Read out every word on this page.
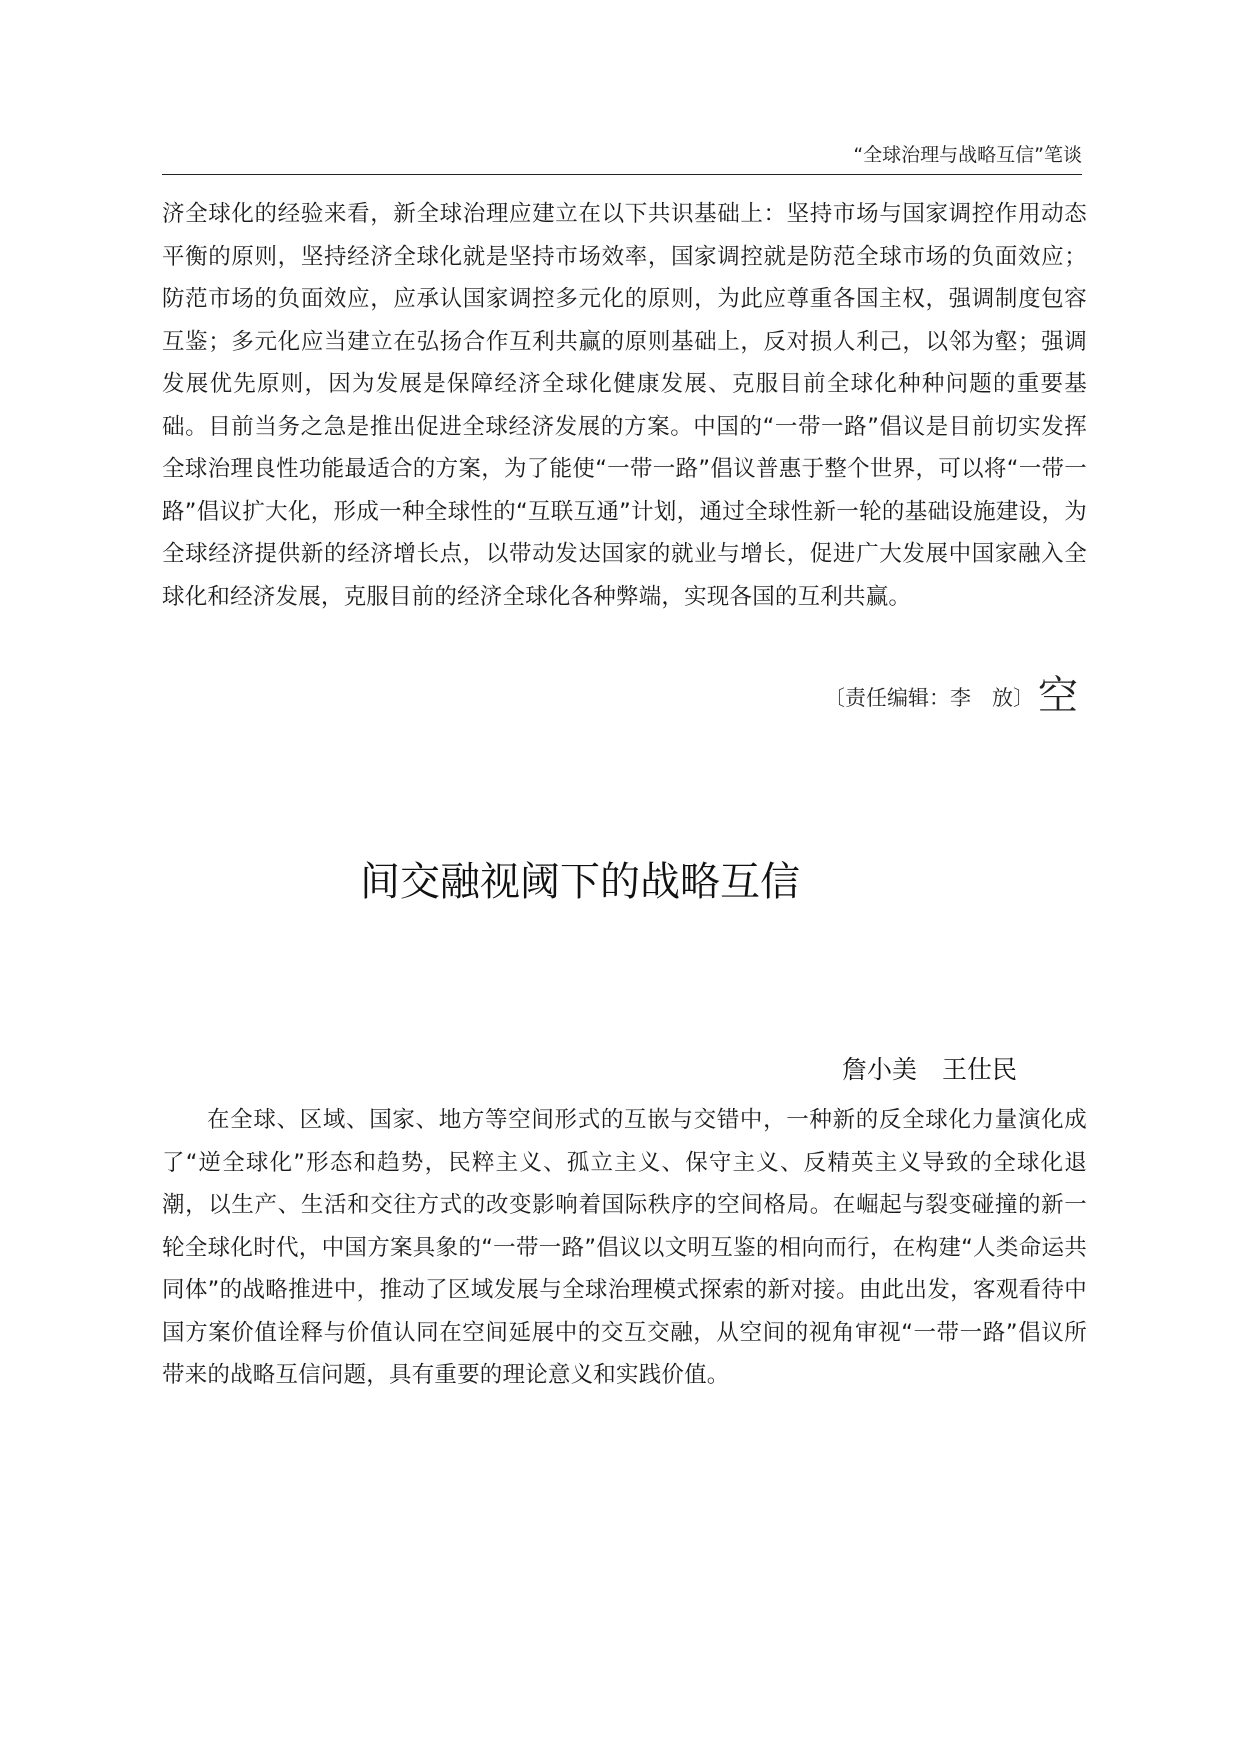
“全球治理与战略互信”笔谈

济全球化的经验来看，新全球治理应建立在以下共识基础上：坚持市场与国家调控作用动态平衡的原则，坚持经济全球化就是坚持市场效率，国家调控就是防范全球市场的负面效应；防范市场的负面效应，应承认国家调控多元化的原则，为此应尊重各国主权，强调制度包容互鉴；多元化应当建立在弘扬合作互利共赢的原则基础上，反对损人利己，以邻为壑；强调发展优先原则，因为发展是保障经济全球化健康发展、克服目前全球化种种问题的重要基础。目前当务之急是推出促进全球经济发展的方案。中国的“一带一路”倡议是目前切实发挥全球治理良性功能最适合的方案，为了能使“一带一路”倡议普惠于整个世界，可以将“一带一路”倡议扩大化，形成一种全球性的“互联互通”计划，通过全球性新一轮的基础设施建设，为全球经济提供新的经济增长点，以带动发达国家的就业与增长，促进广大发展中国家融入全球化和经济发展，克服目前的经济全球化各种弊端，实现各国的互利共赢。

〔责任编辑：李　放〕 空
间交融视阈下的战略互信
詹小美　王仕民

在全球、区域、国家、地方等空间形式的互嵌与交错中，一种新的反全球化力量演化成了“逆全球化”形态和趋势，民粹主义、孤立主义、保守主义、反精英主义导致的全球化退潮，以生产、生活和交往方式的改变影响着国际秩序的空间格局。在崛起与裂变碰撞的新一轮全球化时代，中国方案具象的“一带一路”倡议以文明互鉴的相向而行，在构建“人类命运共同体”的战略推进中，推动了区域发展与全球治理模式探索的新对接。由此出发，客观看待中国方案价值诠释与价值认同在空间延展中的交互交融，从空间的视角审视“一带一路”倡议所带来的战略互信问题，具有重要的理论意义和实践价值。
